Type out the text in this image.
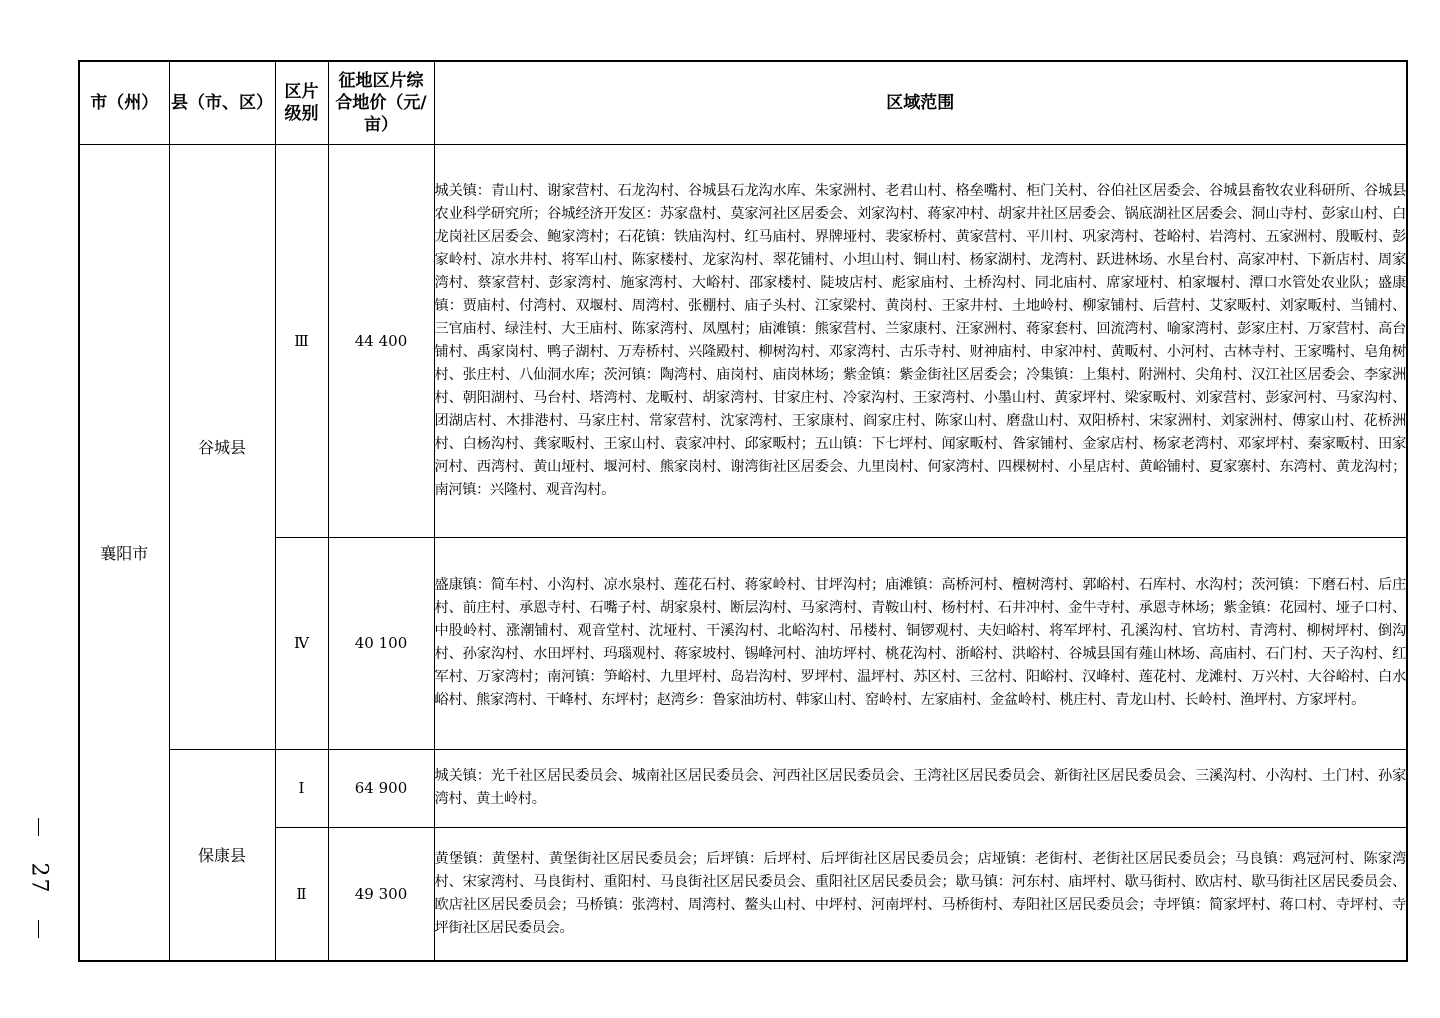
27
市（州）	县（市、区）	区片级别	征地区片综合地价（元/亩）	区域范围
襄阳市	谷城县	Ⅲ	44 400	城关镇：青山村、谢家营村、石龙沟村、谷城县石龙沟水库、朱家洲村、老君山村、格垒嘴村、柜门关村、谷伯社区居委会、谷城县畜牧农业科研所、谷城县农业科学研究所；谷城经济开发区：苏家盘村、莫家河社区居委会、刘家沟村、蒋家冲村、胡家井社区居委会、锅底湖社区居委会、洞山寺村、彭家山村、白龙岗社区居委会、鲍家湾村；石花镇：铁庙沟村、红马庙村、界牌垭村、裴家桥村、黄家营村、平川村、巩家湾村、苍峪村、岩湾村、五家洲村、殷畈村、彭家岭村、凉水井村、将军山村、陈家楼村、龙家沟村、翠花铺村、小坦山村、铜山村、杨家湖村、龙湾村、跃进林场、水星台村、高家冲村、下新店村、周家湾村、蔡家营村、彭家湾村、施家湾村、大峪村、邵家楼村、陡坡店村、彪家庙村、土桥沟村、同北庙村、席家垭村、柏家堰村、潭口水管处农业队；盛康镇：贾庙村、付湾村、双堰村、周湾村、张棚村、庙子头村、江家梁村、黄岗村、王家井村、土地岭村、柳家铺村、后营村、艾家畈村、刘家畈村、当铺村、三官庙村、绿洼村、大王庙村、陈家湾村、凤凰村；庙滩镇：熊家营村、兰家康村、汪家洲村、蒋家套村、回流湾村、喻家湾村、彭家庄村、万家营村、高台铺村、禹家岗村、鸭子湖村、万寿桥村、兴隆殿村、柳树沟村、邓家湾村、古乐寺村、财神庙村、申家冲村、黄畈村、小河村、古林寺村、王家嘴村、皂角树村、张庄村、八仙洞水库；茨河镇：陶湾村、庙岗村、庙岗林场；紫金镇：紫金街社区居委会；冷集镇：上集村、附洲村、尖角村、汉江社区居委会、李家洲村、朝阳湖村、马台村、塔湾村、龙畈村、胡家湾村、甘家庄村、冷家沟村、王家湾村、小墨山村、黄家坪村、梁家畈村、刘家营村、彭家河村、马家沟村、团湖店村、木排港村、马家庄村、常家营村、沈家湾村、王家康村、阎家庄村、陈家山村、磨盘山村、双阳桥村、宋家洲村、刘家洲村、傅家山村、花桥洲村、白杨沟村、龚家畈村、王家山村、袁家冲村、邱家畈村；五山镇：下七坪村、闻家畈村、昝家铺村、金家店村、杨家老湾村、邓家坪村、秦家畈村、田家河村、西湾村、黄山垭村、堰河村、熊家岗村、谢湾街社区居委会、九里岗村、何家湾村、四棵树村、小星店村、黄峪铺村、夏家寨村、东湾村、黄龙沟村；南河镇：兴隆村、观音沟村。
		Ⅳ	40 100	盛康镇：简车村、小沟村、凉水泉村、莲花石村、蒋家岭村、甘坪沟村；庙滩镇：高桥河村、檀树湾村、郭峪村、石库村、水沟村；茨河镇：下磨石村、后庄村、前庄村、承恩寺村、石嘴子村、胡家泉村、断层沟村、马家湾村、青鞍山村、杨村村、石井冲村、金牛寺村、承恩寺林场；紫金镇：花园村、垭子口村、中股岭村、涨潮铺村、观音堂村、沈垭村、干溪沟村、北峪沟村、吊楼村、铜锣观村、夫妇峪村、将军坪村、孔溪沟村、官坊村、青湾村、柳树坪村、倒沟村、孙家沟村、水田坪村、玛瑙观村、蒋家坡村、锡峰河村、油坊坪村、桃花沟村、浙峪村、洪峪村、谷城县国有薤山林场、高庙村、石门村、天子沟村、红军村、万家湾村；南河镇：笋峪村、九里坪村、岛岩沟村、罗坪村、温坪村、苏区村、三岔村、阳峪村、汉峰村、莲花村、龙滩村、万兴村、大谷峪村、白水峪村、熊家湾村、干峰村、东坪村；赵湾乡：鲁家油坊村、韩家山村、窑岭村、左家庙村、金盆岭村、桃庄村、青龙山村、长岭村、渔坪村、方家坪村。
	保康县	Ⅰ	64 900	城关镇：光千社区居民委员会、城南社区居民委员会、河西社区居民委员会、王湾社区居民委员会、新街社区居民委员会、三溪沟村、小沟村、土门村、孙家湾村、黄土岭村。
		Ⅱ	49 300	黄堡镇：黄堡村、黄堡街社区居民委员会；后坪镇：后坪村、后坪街社区居民委员会；店垭镇：老街村、老街社区居民委员会；马良镇：鸡冠河村、陈家湾村、宋家湾村、马良街村、重阳村、马良街社区居民委员会、重阳社区居民委员会；歇马镇：河东村、庙坪村、歇马街村、欧店村、歇马街社区居民委员会、欧店社区居民委员会；马桥镇：张湾村、周湾村、鳌头山村、中坪村、河南坪村、马桥街村、寿阳社区居民委员会；寺坪镇：简家坪村、蒋口村、寺坪村、寺坪街社区居民委员会。
